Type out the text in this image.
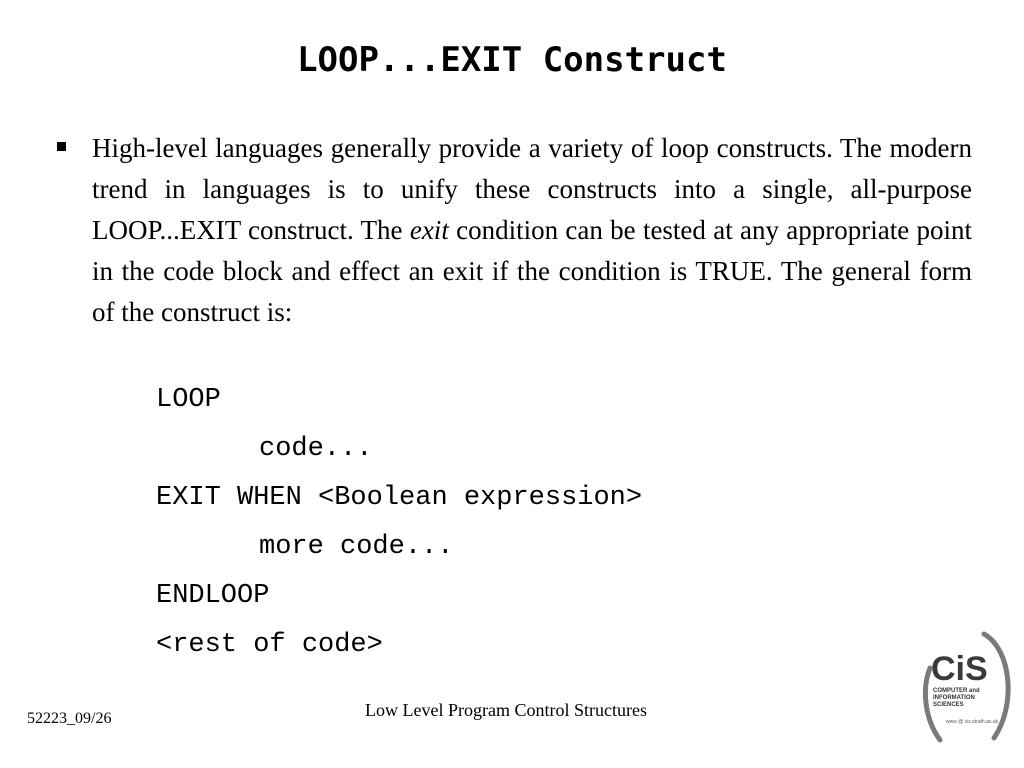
LOOP...EXIT Construct
High-level languages generally provide a variety of loop constructs. The modern trend in languages is to unify these constructs into a single, all-purpose LOOP...EXIT construct. The exit condition can be tested at any appropriate point in the code block and effect an exit if the condition is TRUE. The general form of the construct is:
LOOP
code...
EXIT WHEN <Boolean expression>
more code...
ENDLOOP
<rest of code>
52223_09/26	Low Level Program Control Structures
CiS
COMPUTER and
INFORMATION
SCIENCES
www @ cis.strath.ac.uk
